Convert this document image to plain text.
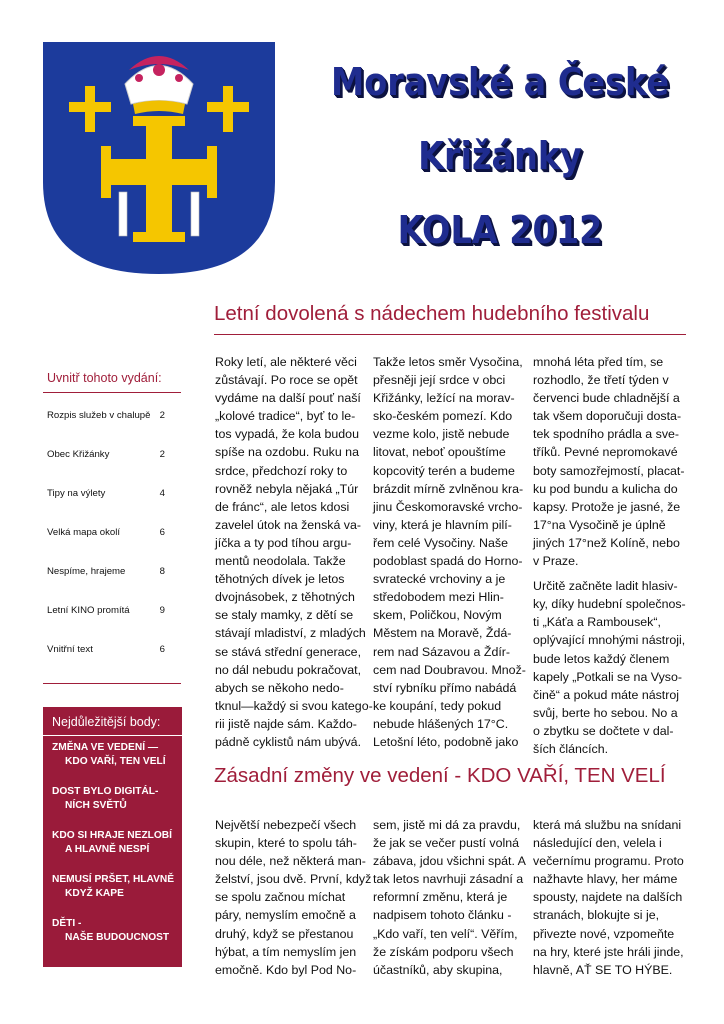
Moravské a České
Křižánky
KOLA 2012
Letní dovolená s nádechem hudebního festivalu

Roky letí, ale některé věci

zůstávají. Po roce se opět

vydáme na další pouť naší

„kolové tradice“, byť to le-

tos vypadá, že kola budou

spíše na ozdobu. Ruku na

srdce, předchozí roky to

rovněž nebyla nějaká „Túr

de fránc“, ale letos kdosi

zavelel útok na ženská va-

jíčka a ty pod tíhou argu-

mentů neodolala. Takže

těhotných dívek je letos

dvojnásobek, z těhotných

se staly mamky, z dětí se

stávají mladiství, z mladých

se stává střední generace,

no dál nebudu pokračovat,

abych se někoho nedo-

tknul—každý si svou katego-

rii jistě najde sám. Každo-

pádně cyklistů nám ubývá.

Takže letos směr Vysočina,

přesněji její srdce v obci

Křižánky, ležící na morav-

sko-českém pomezí. Kdo

vezme kolo, jistě nebude

litovat, neboť opouštíme

kopcovitý terén a budeme

brázdit mírně zvlněnou kra-

jinu Českomoravské vrcho-

viny, která je hlavním pilí-

řem celé Vysočiny. Naše

podoblast spadá do Horno-

svratecké vrchoviny a je

středobodem mezi Hlin-

skem, Poličkou, Novým

Městem na Moravě, Ždá-

rem nad Sázavou a Ždír-

cem nad Doubravou. Množ-

ství rybníku přímo nabádá

ke koupání, tedy pokud

nebude hlášených 17°C.

Letošní léto, podobně jako

mnohá léta před tím, se

rozhodlo, že třetí týden v

červenci bude chladnější a

tak všem doporučuji dosta-

tek spodního prádla a sve-

tříků. Pevné nepromokavé

boty samozřejmostí, placat-

ku pod bundu a kulicha do

kapsy. Protože je jasné, že

17°na Vysočině je úplně

jiných 17°než Kolíně, nebo

v Praze.

Určitě začněte ladit hlasiv-

ky, díky hudební společnos-

ti „Káťa a Rambousek“,

oplývající mnohými nástroji,

bude letos každý členem

kapely „Potkali se na Vyso-

čině“ a pokud máte nástroj

svůj, berte ho sebou. No a

o zbytku se dočtete v dal-

ších článcích.

Zásadní změny ve vedení - KDO VAŘÍ, TEN VELÍ

Největší nebezpečí všech

skupin, které to spolu táh-

nou déle, než některá man-

želství, jsou dvě. První, když

se spolu začnou míchat

páry, nemyslím emočně a

druhý, když se přestanou

hýbat, a tím nemyslím jen

emočně. Kdo byl Pod No-

sem, jistě mi dá za pravdu,

že jak se večer pustí volná

zábava, jdou všichni spát. A

tak letos navrhuji zásadní a

reformní změnu, která je

nadpisem tohoto článku -

„Kdo vaří, ten velí“. Věřím,

že získám podporu všech

účastníků, aby skupina,

která má službu na snídani

následující den, velela i

večernímu programu. Proto

nažhavte hlavy, her máme

spousty, najdete na dalších

stranách, blokujte si je,

přivezte nové, vzpomeňte

na hry, které jste hráli jinde,

hlavně, AŤ SE TO HÝBE.

Uvnitř tohoto vydání:
Rozpis služeb v chalupě 2
Obec Křižánky	2
Tipy na výlety	4
Velká mapa okolí	6
Nespíme, hrajeme	8
Letní KINO promítá	9
Vnitřní text	6
Nejdůležitější body:
ZMĚNA VE VEDENÍ —
KDO VAŘÍ, TEN VELÍ
DOST BYLO DIGITÁL-
NÍCH SVĚTŮ
KDO SI HRAJE NEZLOBÍ
A HLAVNĚ NESPÍ
NEMUSÍ PRŠET, HLAVNĚ
KDYŽ KAPE
DĚTI -
NAŠE BUDOUCNOST
